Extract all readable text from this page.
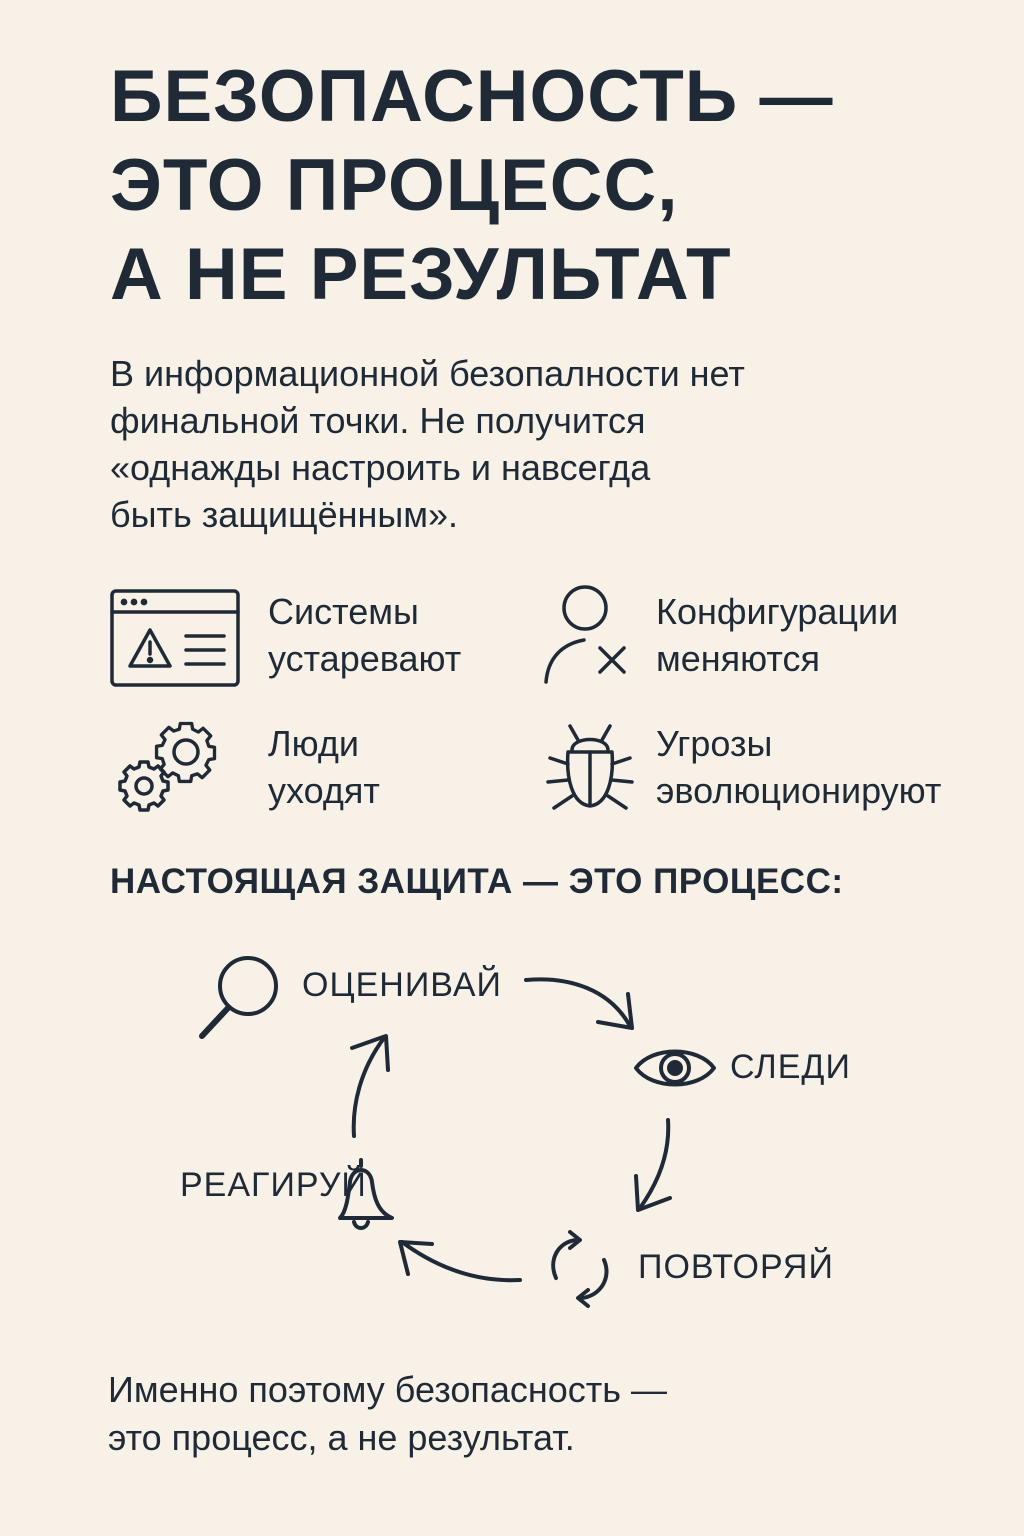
БЕЗОПАСНОСТЬ —
ЭТО ПРОЦЕСС,
А НЕ РЕЗУЛЬТАТ
В информационной безопалности нет
финальной точки. Не получится
«однажды настроить и навсегда
быть защищённым».
Системы
устаревают
Конфигурации
меняются
Люди
уходят
Угрозы
эволюционируют
НАСТОЯЩАЯ ЗАЩИТА — ЭТО ПРОЦЕСС:
ОЦЕНИВАЙ
СЛЕДИ
ПОВТОРЯЙ
РЕАГИРУЙ
Именно поэтому безопасность —
это процесс, а не результат.
